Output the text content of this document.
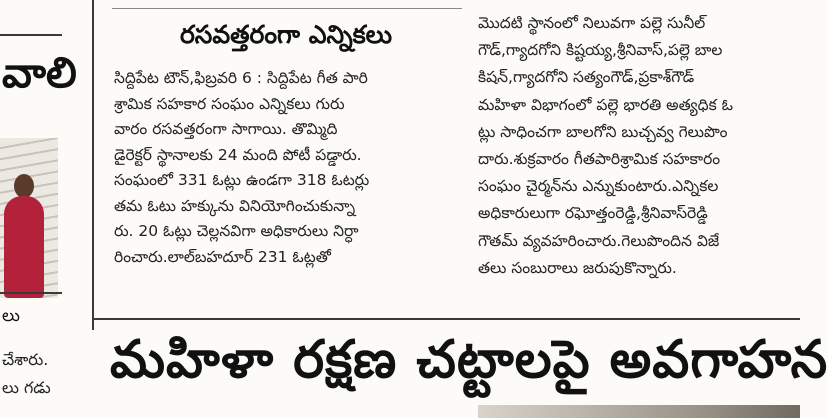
వాలి
లు
చేశారు.
లు గడు
రసవత్తరంగా ఎన్నికలు
సిద్దిపేట టౌన్,ఫిబ్రవరి 6 : సిద్దిపేట గీత పారి
శ్రామిక సహకార సంఘం ఎన్నికలు గురు
వారం రసవత్తరంగా సాగాయి. తొమ్మిది
డైరెక్టర్ స్థానాలకు 24 మంది పోటీ పడ్డారు.
సంఘంలో 331 ఓట్లు ఉండగా 318 ఓటర్లు
తమ ఓటు హక్కును వినియోగించుకున్నా
రు. 20 ఓట్లు చెల్లనవిగా అధికారులు నిర్ధా
రించారు.లాల్‌బహదూర్ 231 ఓట్లతో
మొదటి స్థానంలో నిలువగా పల్లె సునీల్
గౌడ్,గ్యాదగోని కిష్టయ్య,శ్రీనివాస్,పల్లె బాల
కిషన్,గ్యాదగోని సత్యంగౌడ్,ప్రకాశ్‌గౌడ్
మహిళా విభాగంలో పల్లె భారతి అత్యధిక ఓ
ట్లు సాధించగా బాలగోని బుచ్చవ్వ గెలుపొం
దారు.శుక్రవారం గీతపారిశ్రామిక సహకారం
సంఘం చైర్మన్‌ను ఎన్నుకుంటారు.ఎన్నికల
అధికారులుగా రఘోత్తంరెడ్డి,శ్రీనివాస్‌రెడ్డి
గౌతమ్ వ్యవహరించారు.గెలుపొందిన విజే
తలు సంబురాలు జరుపుకొన్నారు.
మహిళా రక్షణ చట్టాలపై అవగాహన
